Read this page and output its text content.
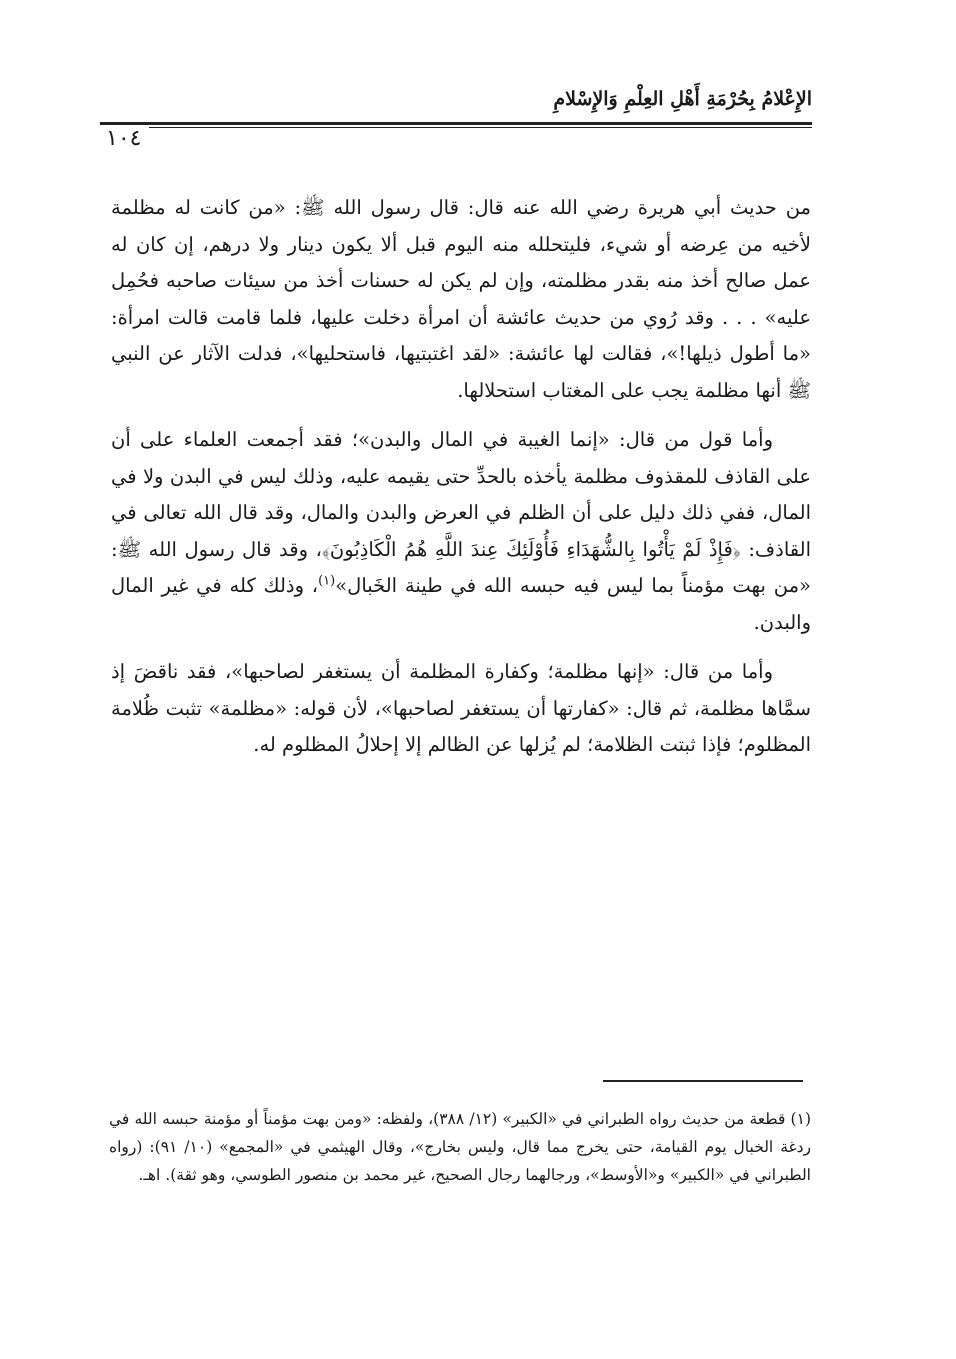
الإِعْلامُ بِحُرْمَةِ أَهْلِ العِلْمِ وَالإِسْلامِ
١٠٤

من حديث أبي هريرة رضي الله عنه قال: قال رسول الله ﷺ: «من كانت له مظلمة لأخيه من عِرضه أو شيء، فليتحلله منه اليوم قبل ألا يكون دينار ولا درهم، إن كان له عمل صالح أخذ منه بقدر مظلمته، وإن لم يكن له حسنات أخذ من سيئات صاحبه فحُمِل عليه» . . . وقد رُوي من حديث عائشة أن امرأة دخلت عليها، فلما قامت قالت امرأة: «ما أطول ذيلها!»، فقالت لها عائشة: «لقد اغتبتيها، فاستحليها»، فدلت الآثار عن النبي ﷺ أنها مظلمة يجب على المغتاب استحلالها.

وأما قول من قال: «إنما الغيبة في المال والبدن»؛ فقد أجمعت العلماء على أن على القاذف للمقذوف مظلمة يأخذه بالحدِّ حتى يقيمه عليه، وذلك ليس في البدن ولا في المال، ففي ذلك دليل على أن الظلم في العرض والبدن والمال، وقد قال الله تعالى في القاذف: ﴿فَإِذْ لَمْ يَأْتُوا بِالشُّهَدَاءِ فَأُوْلَئِكَ عِندَ اللَّهِ هُمُ الْكَاذِبُونَ﴾، وقد قال رسول الله ﷺ: «من بهت مؤمناً بما ليس فيه حبسه الله في طينة الخَبال»$^{(١)}$، وذلك كله في غير المال والبدن.

وأما من قال: «إنها مظلمة؛ وكفارة المظلمة أن يستغفر لصاحبها»، فقد ناقضَ إذ سمَّاها مظلمة، ثم قال: «كفارتها أن يستغفر لصاحبها»، لأن قوله: «مظلمة» تثبت ظُلامة المظلوم؛ فإذا ثبتت الظلامة؛ لم يُزلها عن الظالم إلا إحلالُ المظلوم له.

(١) قطعة من حديث رواه الطبراني في «الكبير» (١٢/ ٣٨٨)، ولفظه: «ومن بهت مؤمناً أو مؤمنة حبسه الله في ردغة الخبال يوم القيامة، حتى يخرج مما قال، وليس بخارج»، وقال الهيثمي في «المجمع» (١٠/ ٩١): (رواه الطبراني في «الكبير» و«الأوسط»، ورجالهما رجال الصحيح، غير محمد بن منصور الطوسي، وهو ثقة). اهـ.
